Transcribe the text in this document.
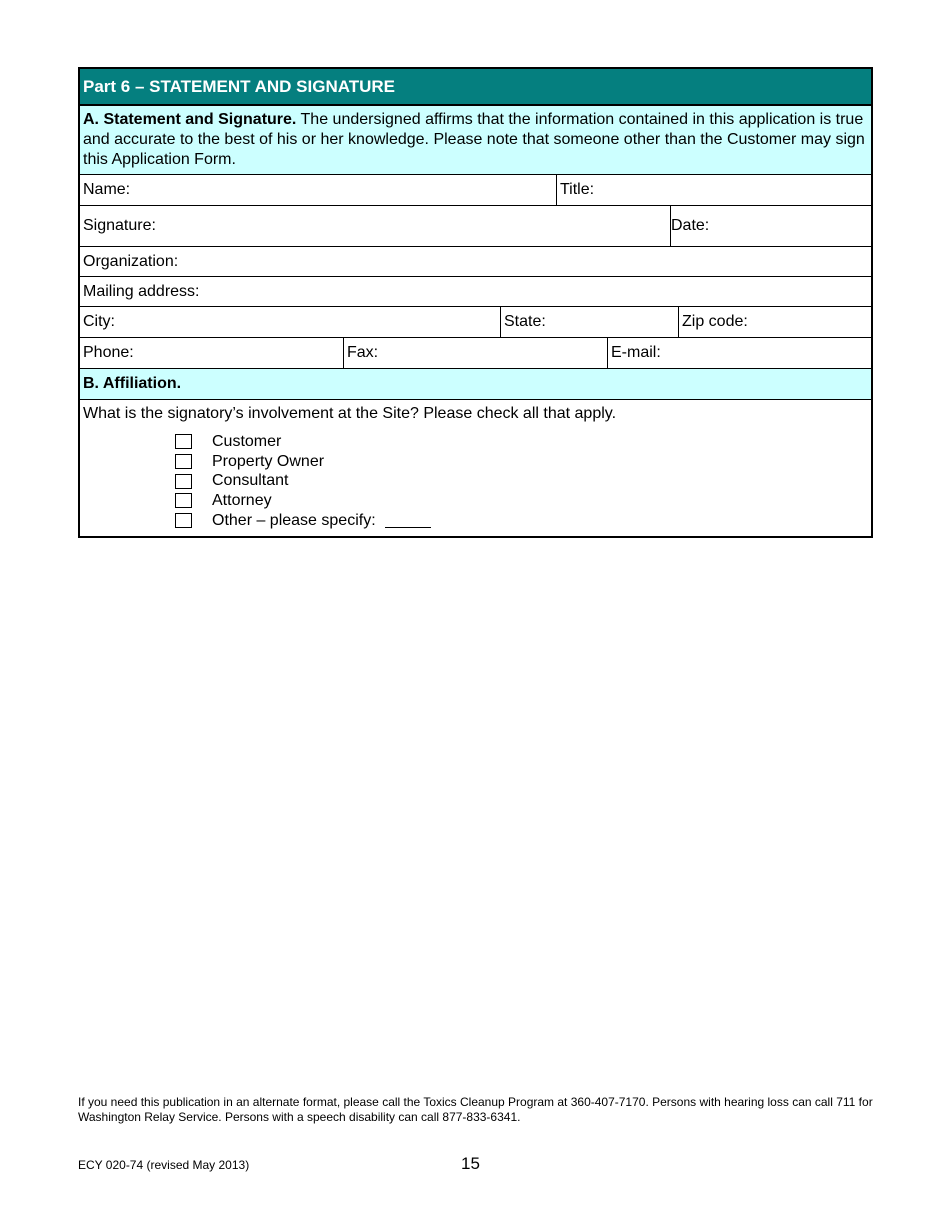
Part 6 – STATEMENT AND SIGNATURE
A. Statement and Signature. The undersigned affirms that the information contained in this application is true and accurate to the best of his or her knowledge. Please note that someone other than the Customer may sign this Application Form.
Name:	Title:
Signature:	Date:
Organization:
Mailing address:
City:	State:	Zip code:
Phone:	Fax:	E-mail:
B. Affiliation.
What is the signatory’s involvement at the Site? Please check all that apply.
Customer
Property Owner
Consultant
Attorney
Other – please specify:
If you need this publication in an alternate format, please call the Toxics Cleanup Program at 360-407-7170. Persons with hearing loss can call 711 for Washington Relay Service. Persons with a speech disability can call 877-833-6341.
ECY 020-74 (revised May 2013)	15
